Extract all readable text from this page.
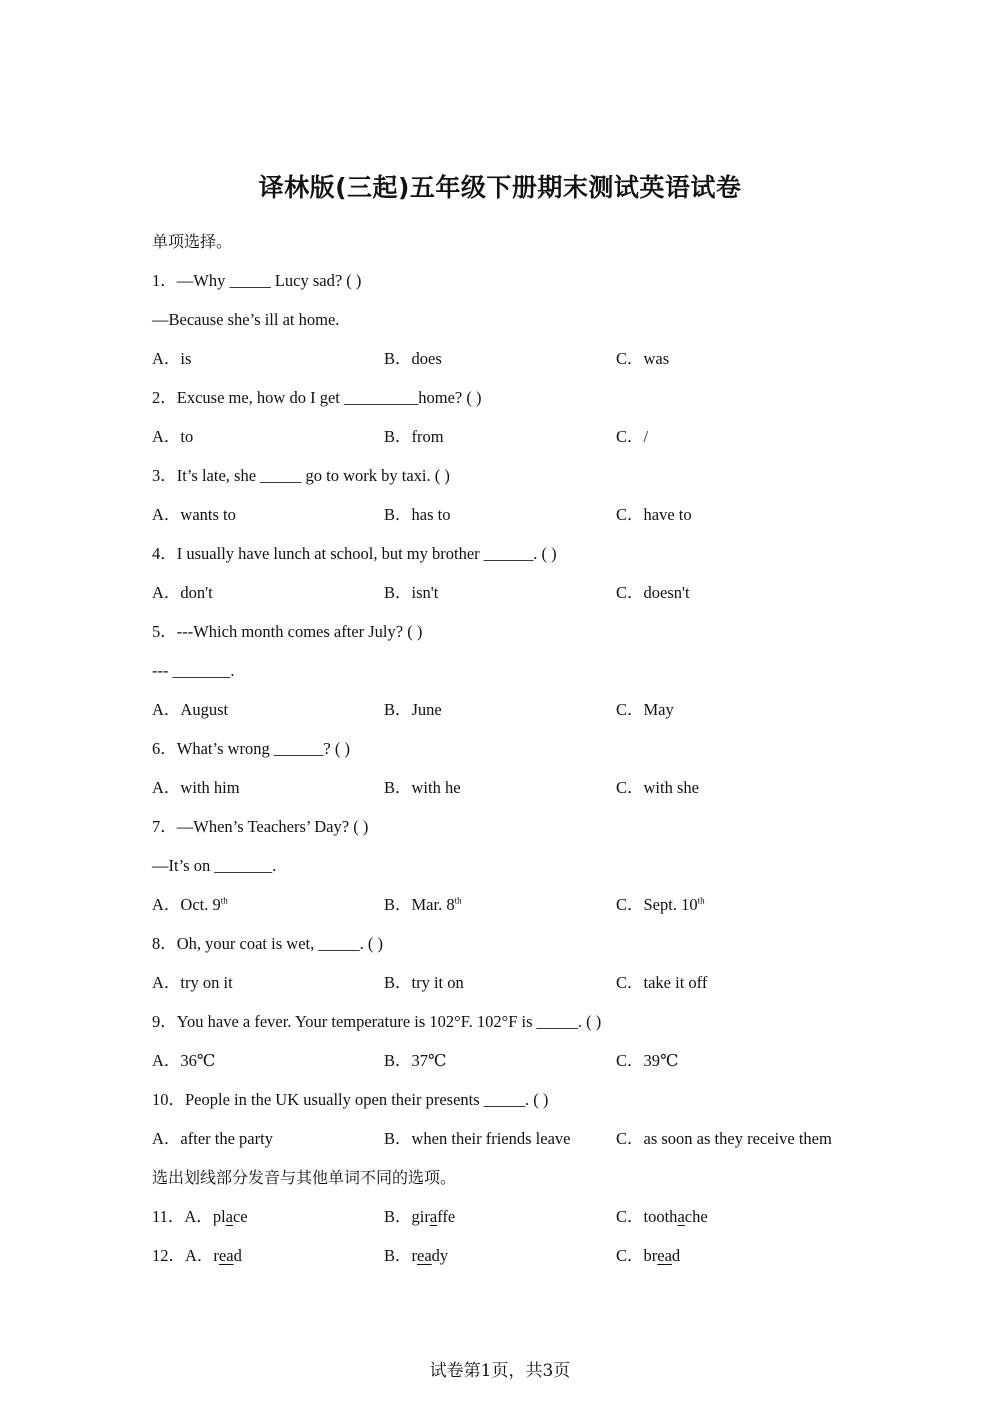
译林版(三起)五年级下册期末测试英语试卷
单项选择。
1．—Why _____ Lucy sad? ( )
—Because she’s ill at home.
A．is	B．does	C．was
2．Excuse me, how do I get _________home? ( )
A．to	B．from	C．/
3．It’s late, she _____ go to work by taxi. ( )
A．wants to	B．has to	C．have to
4．I usually have lunch at school, but my brother ______. ( )
A．don't	B．isn't	C．doesn't
5．---Which month comes after July? ( )
--- _______.
A．August	B．June	C．May
6．What’s wrong ______? ( )
A．with him	B．with he	C．with she
7．—When’s Teachers’ Day? ( )
—It’s on _______.
A．Oct. 9th	B．Mar. 8th	C．Sept. 10th
8．Oh, your coat is wet, _____. ( )
A．try on it	B．try it on	C．take it off
9．You have a fever. Your temperature is 102°F. 102°F is _____. ( )
A．36℃	B．37℃	C．39℃
10．People in the UK usually open their presents _____. ( )
A．after the party	B．when their friends leave	C．as soon as they receive them
选出划线部分发音与其他单词不同的选项。
11．A．place	B．giraffe	C．toothache
12．A．read	B．ready	C．bread
试卷第1页，共3页
